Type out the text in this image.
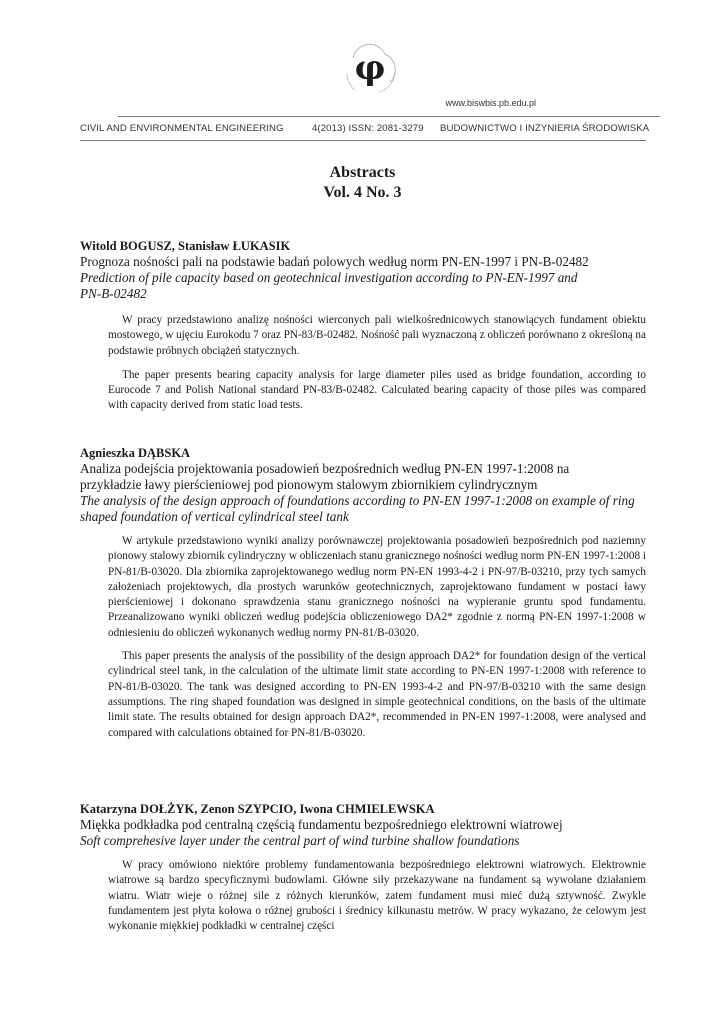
φ
www.biswbis.pb.edu.pl
CIVIL AND ENVIRONMENTAL ENGINEERING	4(2013) ISSN: 2081-3279 BUDOWNICTWO I INŻYNIERIA ŚRODOWISKA
Abstracts
Vol. 4 No. 3
Witold BOGUSZ, Stanisław ŁUKASIK
Prognoza nośności pali na podstawie badań polowych według norm PN-EN-1997 i PN-B-02482
Prediction of pile capacity based on geotechnical investigation according to PN-EN-1997 and PN-B-02482
W pracy przedstawiono analizę nośności wierconych pali wielkośrednicowych stanowiących fundament obiektu mostowego, w ujęciu Eurokodu 7 oraz PN-83/B-02482. Nośność pali wyznaczoną z obliczeń porównano z określoną na podstawie próbnych obciążeń statycznych.
The paper presents bearing capacity analysis for large diameter piles used as bridge foundation, according to Eurocode 7 and Polish National standard PN-83/B-02482. Calculated bearing capacity of those piles was compared with capacity derived from static load tests.
Agnieszka DĄBSKA
Analiza podejścia projektowania posadowień bezpośrednich według PN-EN 1997-1:2008 na przykładzie ławy pierścieniowej pod pionowym stalowym zbiornikiem cylindrycznym
The analysis of the design approach of foundations according to PN-EN 1997-1:2008 on example of ring shaped foundation of vertical cylindrical steel tank
W artykule przedstawiono wyniki analizy porównawczej projektowania posadowień bezpośrednich pod naziemny pionowy stalowy zbiornik cylindryczny w obliczeniach stanu granicznego nośności według norm PN-EN 1997-1:2008 i PN-81/B-03020. Dla zbiornika zaprojektowanego według norm PN-EN 1993-4-2 i PN-97/B-03210, przy tych samych założeniach projektowych, dla prostych warunków geotechnicznych, zaprojektowano fundament w postaci ławy pierścieniowej i dokonano sprawdzenia stanu granicznego nośności na wypieranie gruntu spod fundamentu. Przeanalizowano wyniki obliczeń według podejścia obliczeniowego DA2* zgodnie z normą PN-EN 1997-1:2008 w odniesieniu do obliczeń wykonanych według normy PN-81/B-03020.
This paper presents the analysis of the possibility of the design approach DA2* for foundation design of the vertical cylindrical steel tank, in the calculation of the ultimate limit state according to PN-EN 1997-1:2008 with reference to PN-81/B-03020. The tank was designed according to PN-EN 1993-4-2 and PN-97/B-03210 with the same design assumptions. The ring shaped foundation was designed in simple geotechnical conditions, on the basis of the ultimate limit state. The results obtained for design approach DA2*, recommended in PN-EN 1997-1:2008, were analysed and compared with calculations obtained for PN-81/B-03020.
Katarzyna DOŁŻYK, Zenon SZYPCIO, Iwona CHMIELEWSKA
Miękka podkładka pod centralną częścią fundamentu bezpośredniego elektrowni wiatrowej
Soft comprehesive layer under the central part of wind turbine shallow foundations
W pracy omówiono niektóre problemy fundamentowania bezpośredniego elektrowni wiatrowych. Elektrownie wiatrowe są bardzo specyficznymi budowlami. Główne siły przekazywane na fundament są wywołane działaniem wiatru. Wiatr wieje o różnej sile z różnych kierunków, zatem fundament musi mieć dużą sztywność. Zwykle fundamentem jest płyta kołowa o różnej grubości i średnicy kilkunastu metrów. W pracy wykazano, że celowym jest wykonanie miękkiej podkładki w centralnej części
